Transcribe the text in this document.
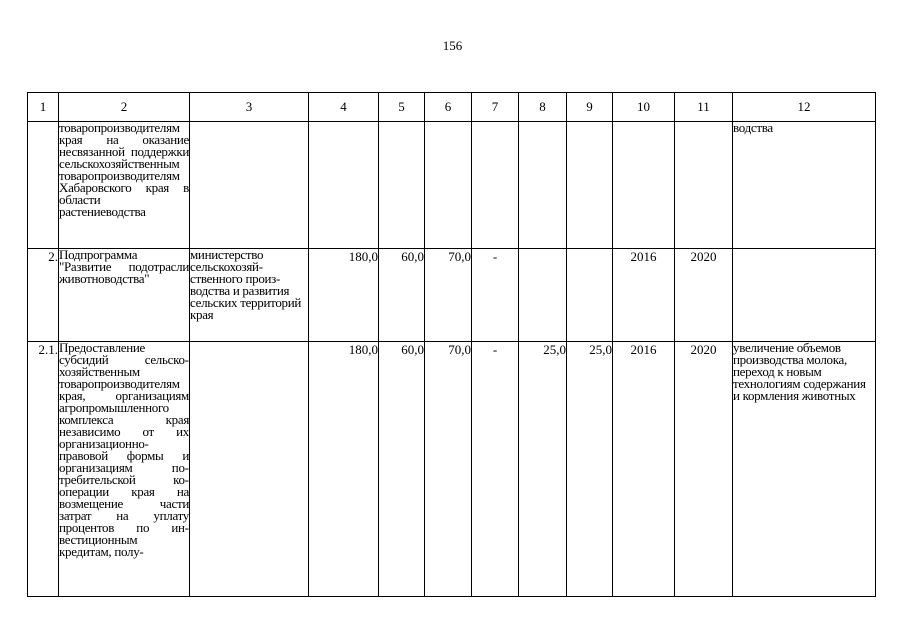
156
1	2	3	4	5	6	7	8	9	10	11	12
	товаропроизводителям края на оказание несвязанной поддержки сельскохозяйственным товаропроизводителям Хабаровского края в области растениеводства										водства
2.	Подпрограмма "Развитие подотрасли животноводства"	министерство сельскохозяйственного производства и развития сельских территорий края	180,0	60,0	70,0	-			2016	2020	
2.1.	Предоставление субсидий сельскохозяйственным товаропроизводителям края, организациям агропромышленного комплекса края независимо от их организационно-правовой формы и организациям потребительской кооперации края на возмещение части затрат на уплату процентов по инвестиционным кредитам, полу-		180,0	60,0	70,0	-	25,0	25,0	2016	2020	увеличение объемов производства молока, переход к новым технологиям содержания и кормления животных
